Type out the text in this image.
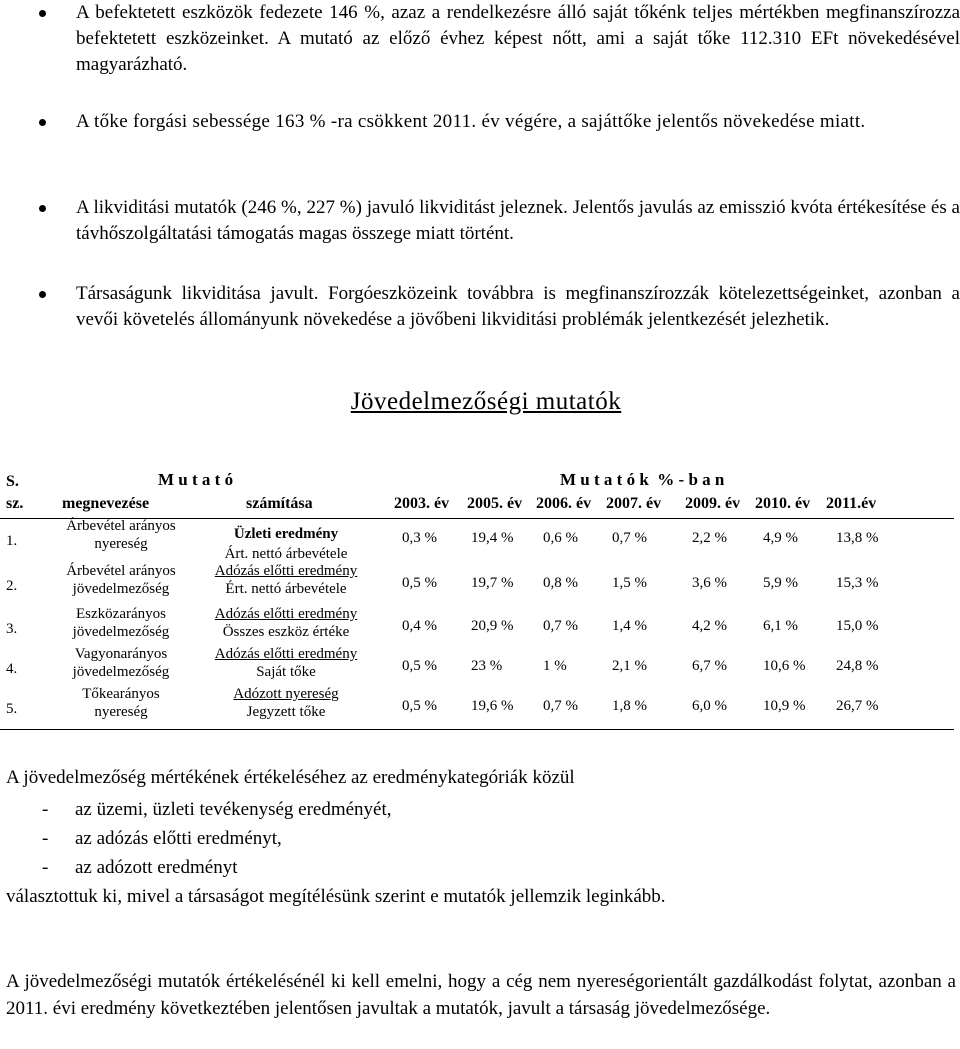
A befektetett eszközök fedezete 146 %, azaz a rendelkezésre álló saját tőkénk teljes mértékben megfinanszírozza befektetett eszközeinket. A mutató az előző évhez képest nőtt, ami a saját tőke 112.310 EFt növekedésével magyarázható.
A tőke forgási sebessége 163 % -ra csökkent 2011. év végére, a sajáttőke jelentős növekedése miatt.
A likviditási mutatók (246 %, 227 %) javuló likviditást jeleznek. Jelentős javulás az emisszió kvóta értékesítése és a távhőszolgáltatási támogatás magas összege miatt történt.
Társaságunk likviditása javult. Forgóeszközeink továbbra is megfinanszírozzák kötelezettségeinket, azonban a vevői követelés állományunk növekedése a jövőbeni likviditási problémák jelentkezését jelezhetik.
Jövedelmezőségi mutatók
S.
sz.
M u t a t ó
megnevezése	számítása
M u t a t ó k  % - b a n
2003. év 2005. év 2006. év 2007. év 2009. év 2010. év 2011.év
1.
Árbevétel arányos
nyereség
Üzleti eredmény
Árt. nettó árbevétele
0,3 % 19,4 % 0,6 % 0,7 %	2,2 % 4,9 %	13,8 %
2.
Árbevétel arányos
jövedelmezőség
Adózás előtti eredmény
Ért. nettó árbevétele	0,5 % 19,7 % 0,8 % 1,5 %	3,6 % 5,9 %	15,3 %
3.
Eszközarányos
jövedelmezőség
Adózás előtti eredmény
Összes eszköz értéke	0,4 % 20,9 % 0,7 % 1,4 %	4,2 % 6,1 %	15,0 %
4.
Vagyonarányos
jövedelmezőség
Adózás előtti eredmény
Saját tőke	0,5 % 23 %	1 %	2,1 %	6,7 % 10,6 % 24,8 %
5.
Tőkearányos
nyereség
Adózott nyereség
Jegyzett tőke	0,5 % 19,6 % 0,7 % 1,8 %	6,0 % 10,9 % 26,7 %
A jövedelmezőség mértékének értékeléséhez az eredménykategóriák közül
- az üzemi, üzleti tevékenység eredményét,
- az adózás előtti eredményt,
- az adózott eredményt
választottuk ki, mivel a társaságot megítélésünk szerint e mutatók jellemzik leginkább.
A jövedelmezőségi mutatók értékelésénél ki kell emelni, hogy a cég nem nyereségorientált gazdálkodást folytat, azonban a 2011. évi eredmény következtében jelentősen javultak a mutatók, javult a társaság jövedelmezősége.
